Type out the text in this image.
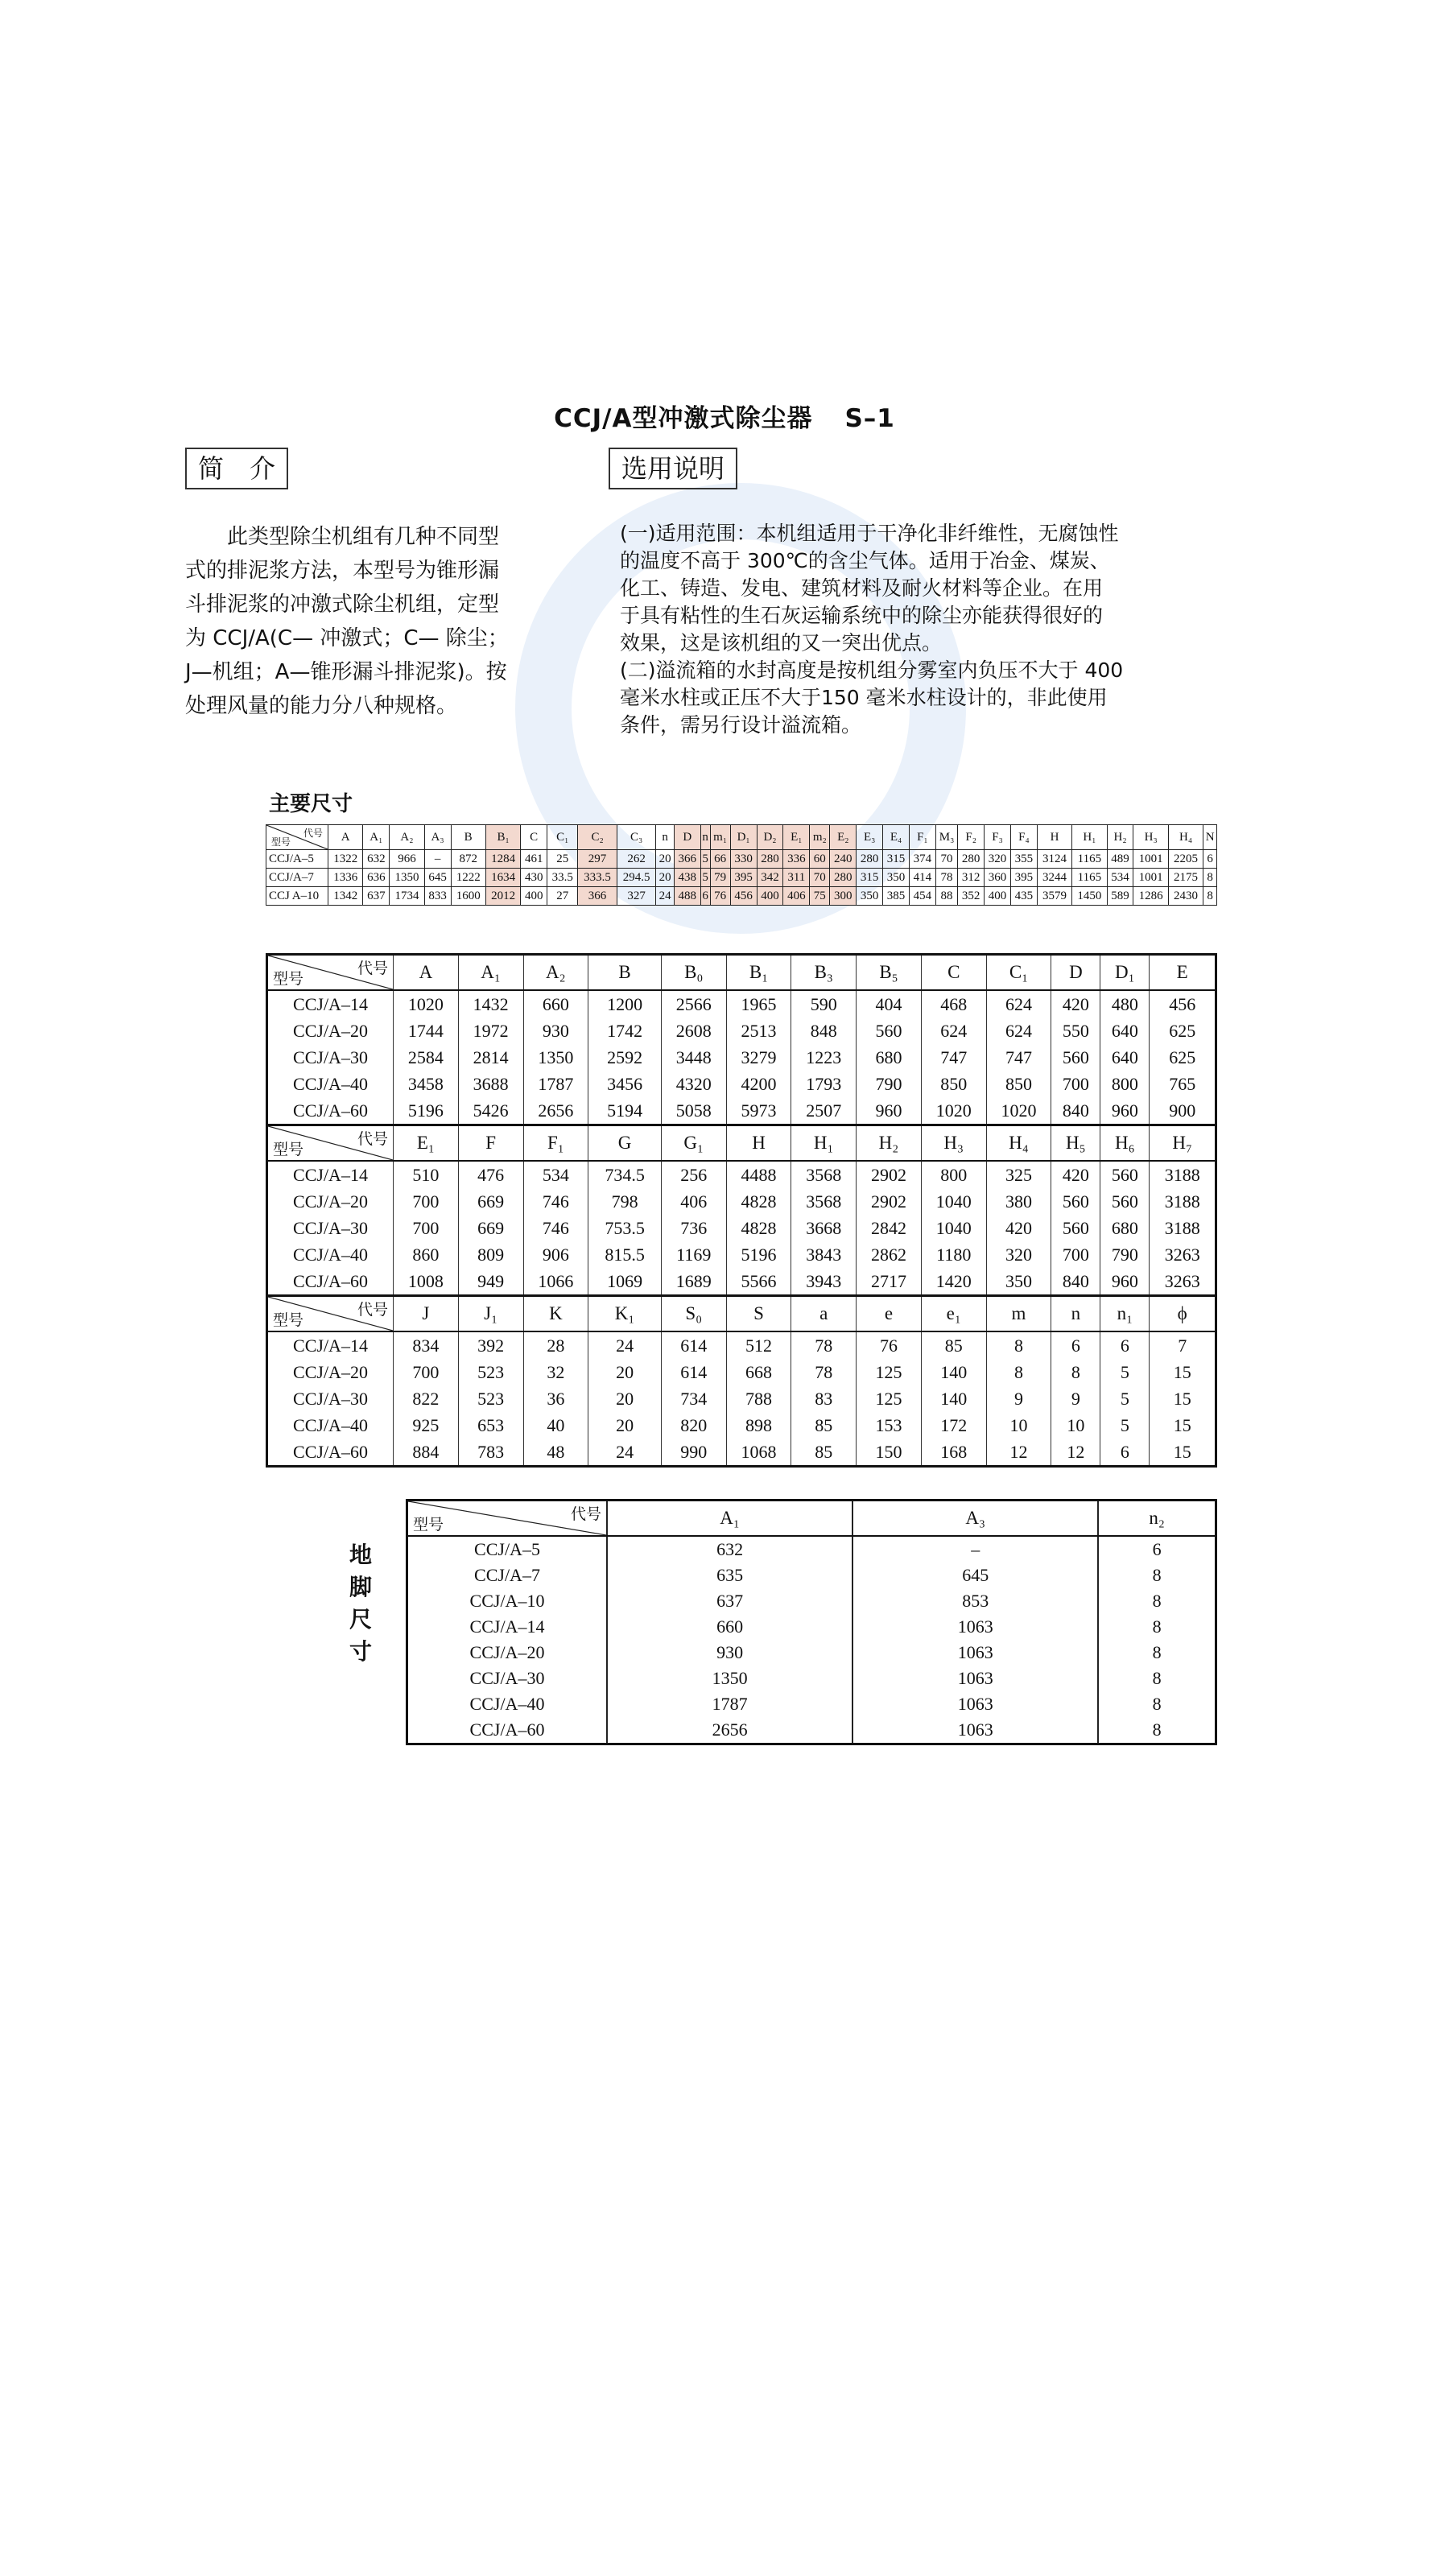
CCJ/A型冲激式除尘器 S–1
简　介	选用说明

此类型除尘机组有几种不同型

式的排泥浆方法，本型号为锥形漏

斗排泥浆的冲激式除尘机组，定型

为 CCJ/A(C— 冲激式；C— 除尘；

J—机组；A—锥形漏斗排泥浆)。按

处理风量的能力分八种规格。

(一)适用范围：本机组适用于干净化非纤维性，无腐蚀性

的温度不高于 300℃的含尘气体。适用于冶金、煤炭、

化工、铸造、发电、建筑材料及耐火材料等企业。在用

于具有粘性的生石灰运输系统中的除尘亦能获得很好的

效果，这是该机组的又一突出优点。

(二)溢流箱的水封高度是按机组分雾室内负压不大于 400

毫米水柱或正压不大于150 毫米水柱设计的，非此使用

条件，需另行设计溢流箱。

主要尺寸
代号
型号	A	A₁	A₂	A₃	B	B₁	C	C₁	C₂	C₃	n	D	n	m₁	D₁	D₂	E₁	m₂	E₂	E₃	E₄	F₁	M₃	F₂	F₃	F₄	H	H₁	H₂	H₃	H₄	N
CCJ/A–5	1322	632	966	–	872	1284	461	25	297	262	20	366	5	66	330	280	336	60	240	280	315	374	70	280	320	355	3124	1165	489	1001	2205	6
CCJ/A–7	1336	636	1350	645	1222	1634	430	33.5	333.5	294.5	20	438	5	79	395	342	311	70	280	315	350	414	78	312	360	395	3244	1165	534	1001	2175	8
CCJ A–10	1342	637	1734	833	1600	2012	400	27	366	327	24	488	6	76	456	400	406	75	300	350	385	454	88	352	400	435	3579	1450	589	1286	2430	8
代号
型号	A	A₁	A₂	B	B₀	B₁	B₃	B₅	C	C₁	D	D₁	E
CCJ/A–14	1020	1432	660	1200	2566	1965	590	404	468	624	420	480	456
CCJ/A–20	1744	1972	930	1742	2608	2513	848	560	624	624	550	640	625
CCJ/A–30	2584	2814	1350	2592	3448	3279	1223	680	747	747	560	640	625
CCJ/A–40	3458	3688	1787	3456	4320	4200	1793	790	850	850	700	800	765
CCJ/A–60	5196	5426	2656	5194	5058	5973	2507	960	1020	1020	840	960	900

代号
型号	E₁	F	F₁	G	G₁	H	H₁	H₂	H₃	H₄	H₅	H₆	H₇
CCJ/A–14	510	476	534	734.5	256	4488	3568	2902	800	325	420	560	3188
CCJ/A–20	700	669	746	798	406	4828	3568	2902	1040	380	560	560	3188
CCJ/A–30	700	669	746	753.5	736	4828	3668	2842	1040	420	560	680	3188
CCJ/A–40	860	809	906	815.5	1169	5196	3843	2862	1180	320	700	790	3263
CCJ/A–60	1008	949	1066	1069	1689	5566	3943	2717	1420	350	840	960	3263

代号
型号	J	J₁	K	K₁	S₀	S	a	e	e₁	m	n	n₁	ϕ
CCJ/A–14	834	392	28	24	614	512	78	76	85	8	6	6	7
CCJ/A–20	700	523	32	20	614	668	78	125	140	8	8	5	15
CCJ/A–30	822	523	36	20	734	788	83	125	140	9	9	5	15
CCJ/A–40	925	653	40	20	820	898	85	153	172	10	10	5	15
CCJ/A–60	884	783	48	24	990	1068	85	150	168	12	12	6	15
地
脚
尺
寸
代号
型号	A₁	A₃	n₂
CCJ/A–5	632	–	6
CCJ/A–7	635	645	8
CCJ/A–10	637	853	8
CCJ/A–14	660	1063	8
CCJ/A–20	930	1063	8
CCJ/A–30	1350	1063	8
CCJ/A–40	1787	1063	8
CCJ/A–60	2656	1063	8
